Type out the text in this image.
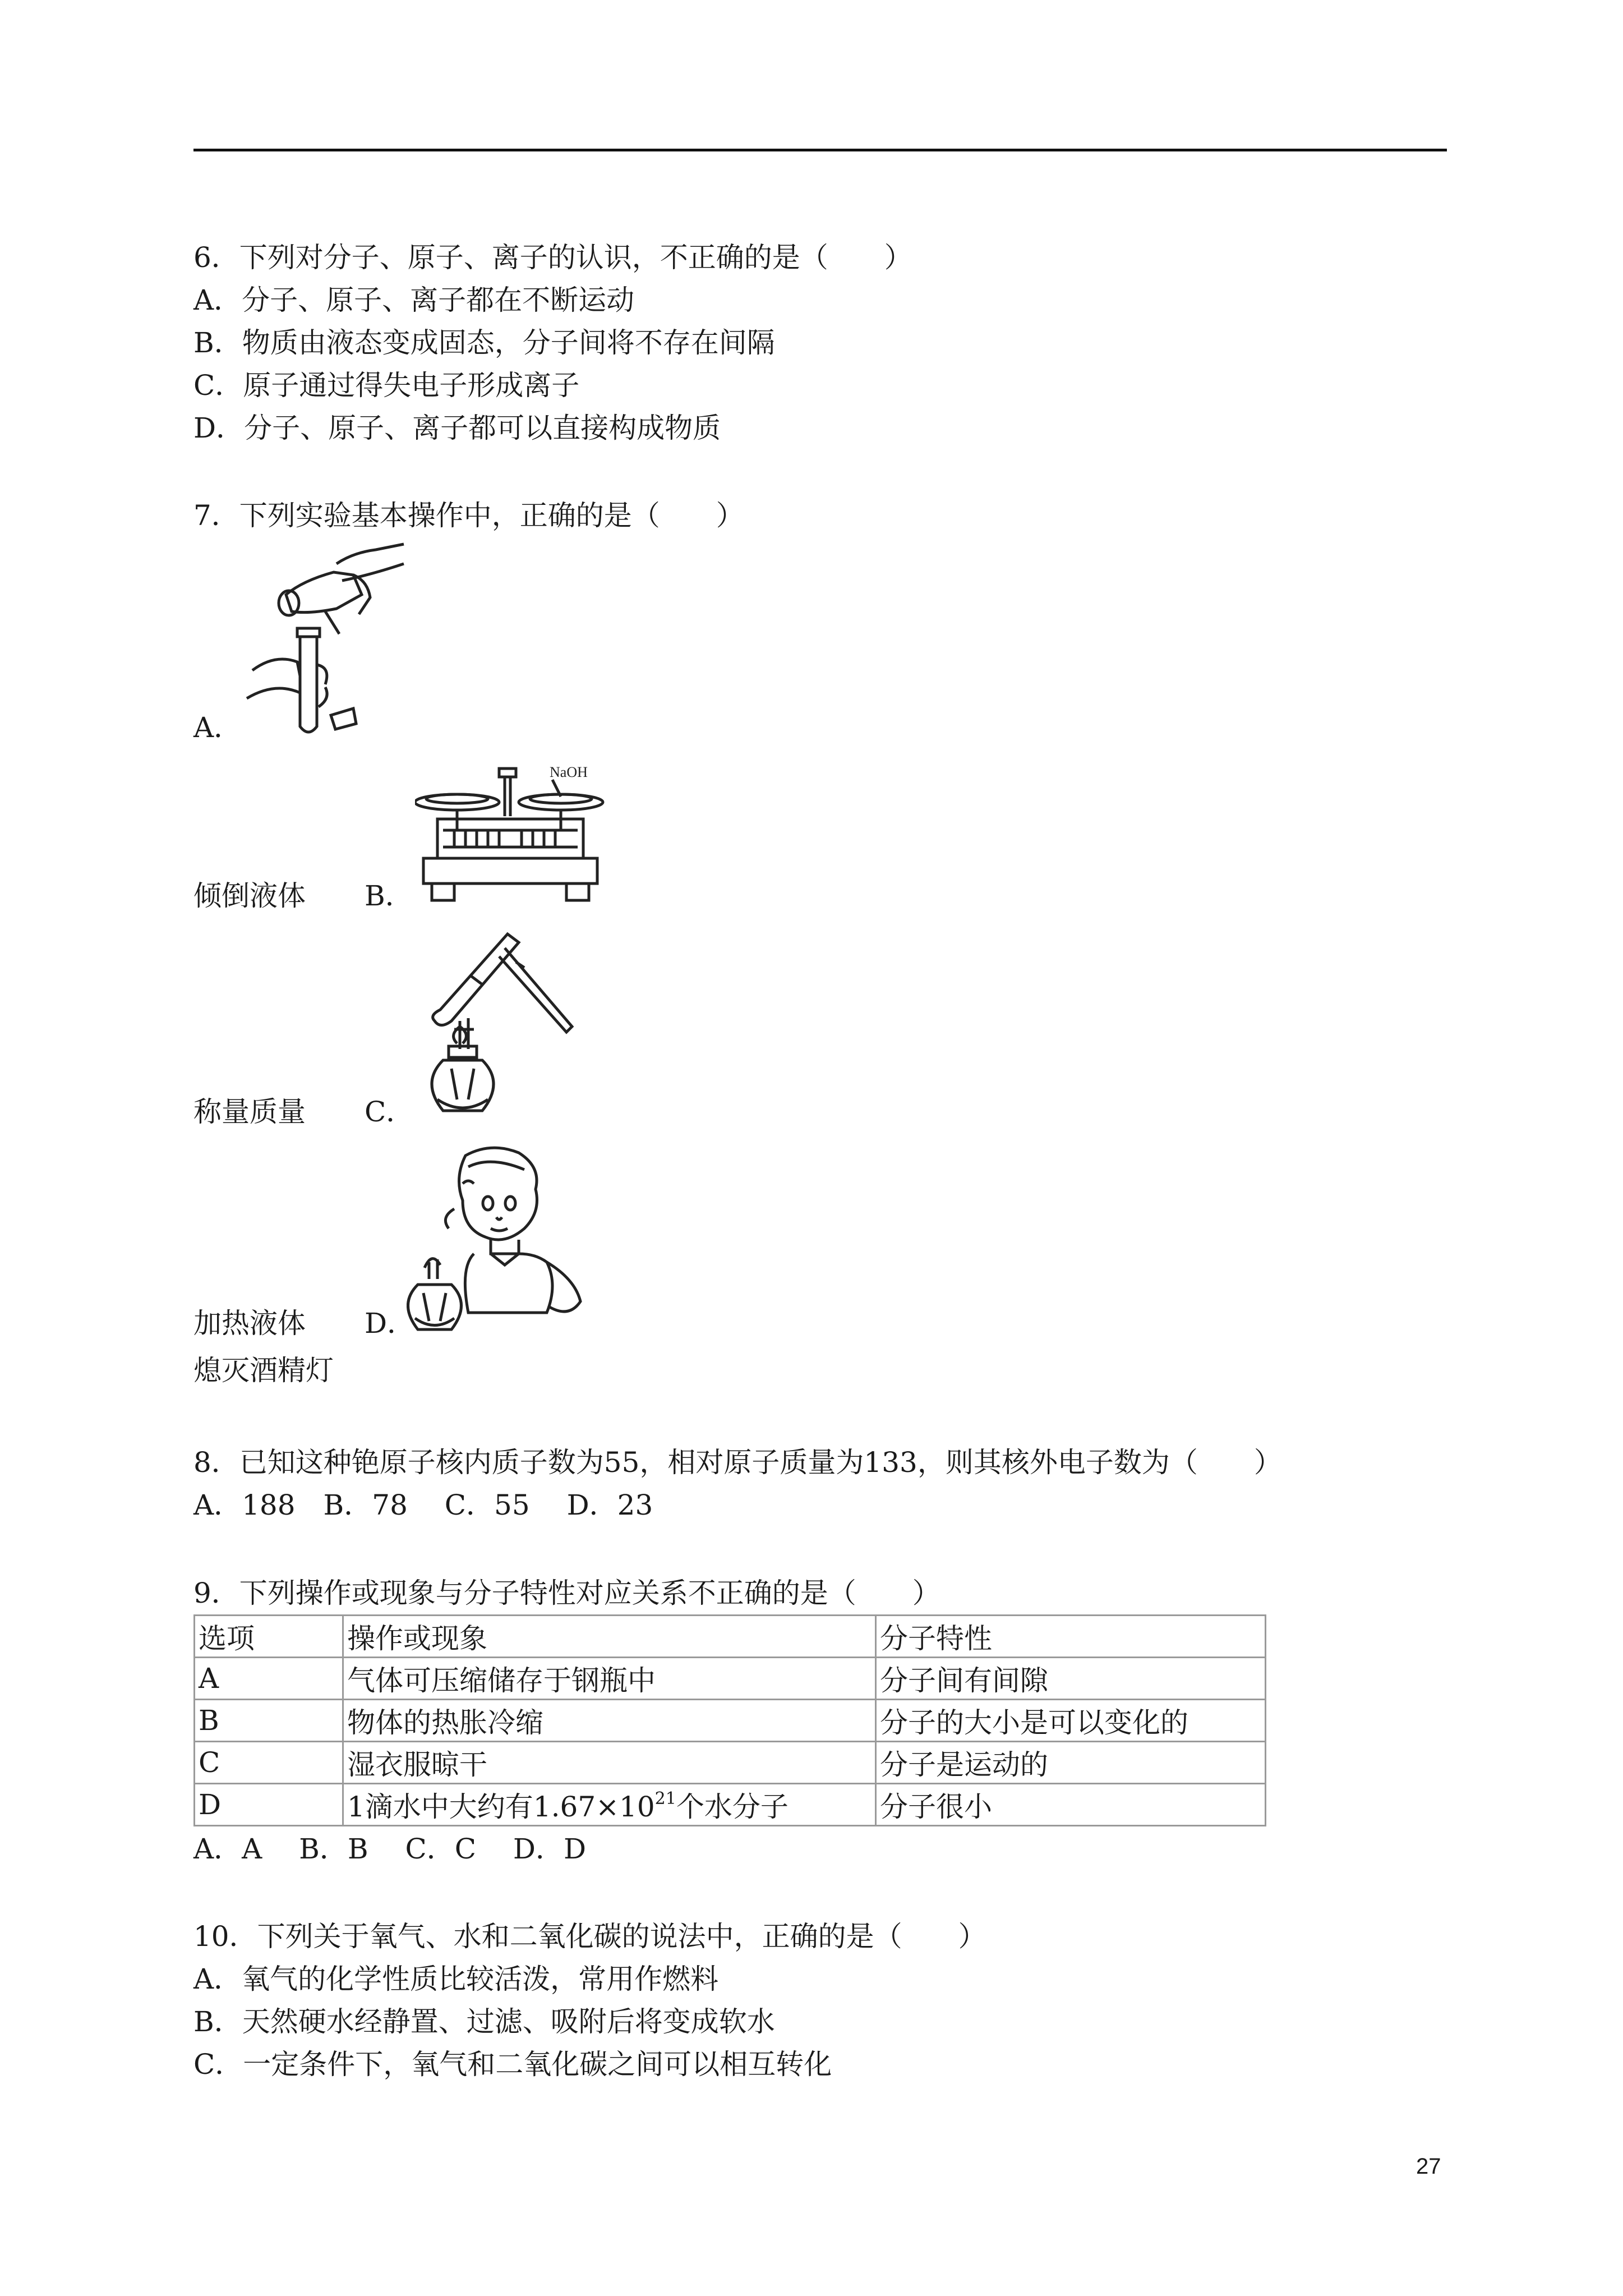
6．下列对分子、原子、离子的认识，不正确的是（　　）
A．分子、原子、离子都在不断运动
B．物质由液态变成固态，分子间将不存在间隔
C．原子通过得失电子形成离子
D．分子、原子、离子都可以直接构成物质
7．下列实验基本操作中，正确的是（　　）
A．
倾倒液体 B．
NaOH
称量质量 C．
加热液体 D．
熄灭酒精灯
8．已知这种铯原子核内质子数为55，相对原子质量为133，则其核外电子数为（　　）
A．188　B．78　 C．55　 D．23
9．下列操作或现象与分子特性对应关系不正确的是（　　）
选项	操作或现象	分子特性
A	气体可压缩储存于钢瓶中	分子间有间隙
B	物体的热胀冷缩	分子的大小是可以变化的
C	湿衣服晾干	分子是运动的
D	1滴水中大约有$1.67\times 10^{21}$个水分子	分子很小
A．A　 B．B　 C．C　 D．D
10．下列关于氧气、水和二氧化碳的说法中，正确的是（　　）
A．氧气的化学性质比较活泼，常用作燃料
B．天然硬水经静置、过滤、吸附后将变成软水
C．一定条件下，氧气和二氧化碳之间可以相互转化
27
